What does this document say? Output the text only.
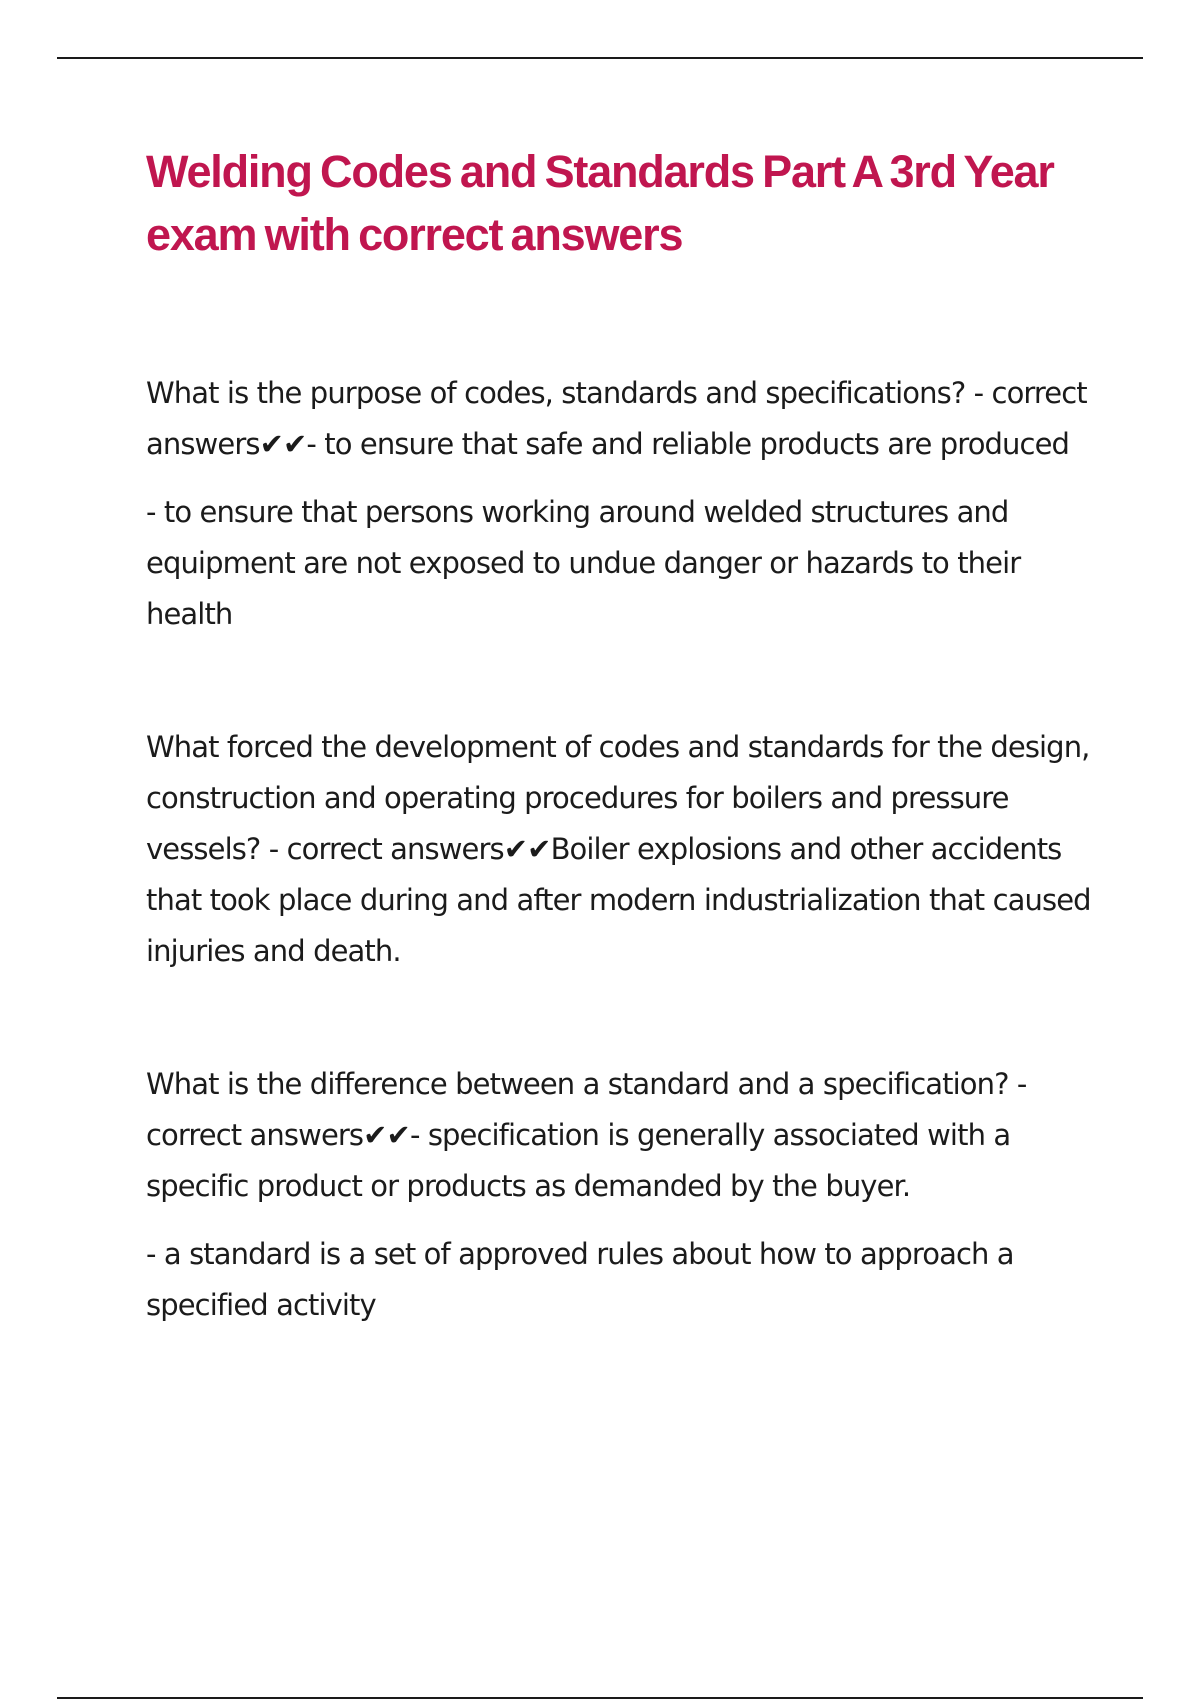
Welding Codes and Standards Part A 3rd Year exam with correct answers

What is the purpose of codes, standards and specifications? - correct answers✔✔- to ensure that safe and reliable products are produced

- to ensure that persons working around welded structures and equipment are not exposed to undue danger or hazards to their health

What forced the development of codes and standards for the design, construction and operating procedures for boilers and pressure vessels? - correct answers✔✔Boiler explosions and other accidents that took place during and after modern industrialization that caused injuries and death.

What is the difference between a standard and a specification? - correct answers✔✔- specification is generally associated with a specific product or products as demanded by the buyer.

- a standard is a set of approved rules about how to approach a specified activity
